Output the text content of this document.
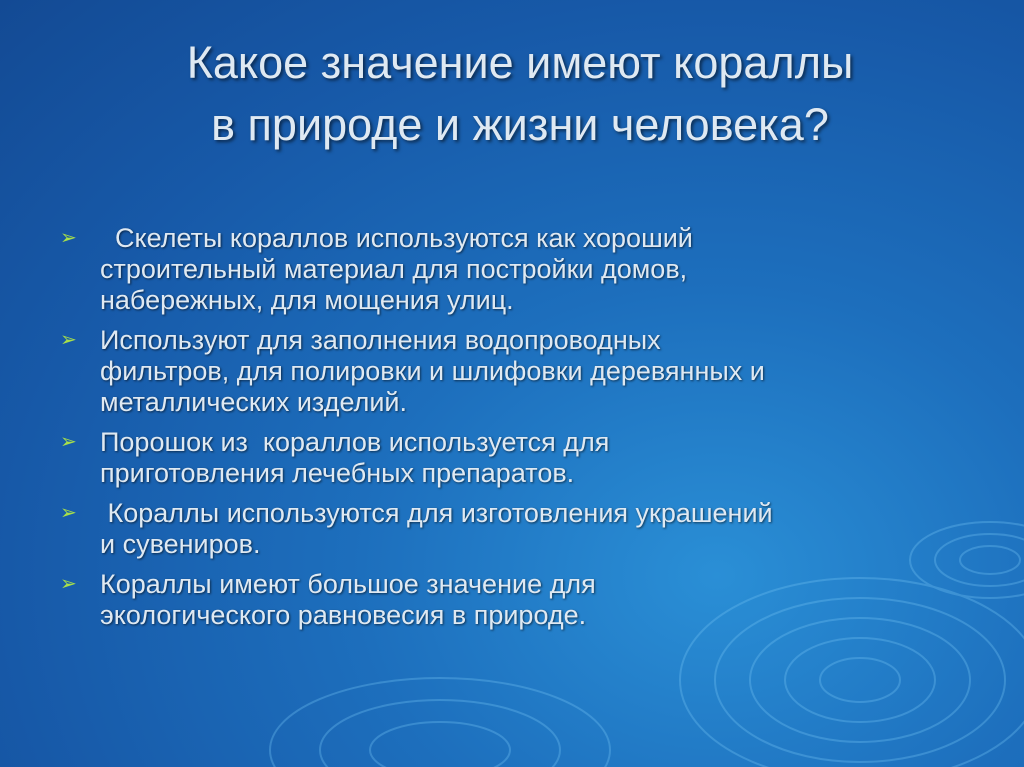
Какое значение имеют кораллы
в природе и жизни человека?
➢ Скелеты кораллов используются как хороший
строительный материал для постройки домов,
набережных, для мощения улиц.
➢ Используют для заполнения водопроводных
фильтров, для полировки и шлифовки деревянных и
металлических изделий.
➢ Порошок из  кораллов используется для
приготовления лечебных препаратов.
➢ Кораллы используются для изготовления украшений
и сувениров.
➢ Кораллы имеют большое значение для
экологического равновесия в природе.
